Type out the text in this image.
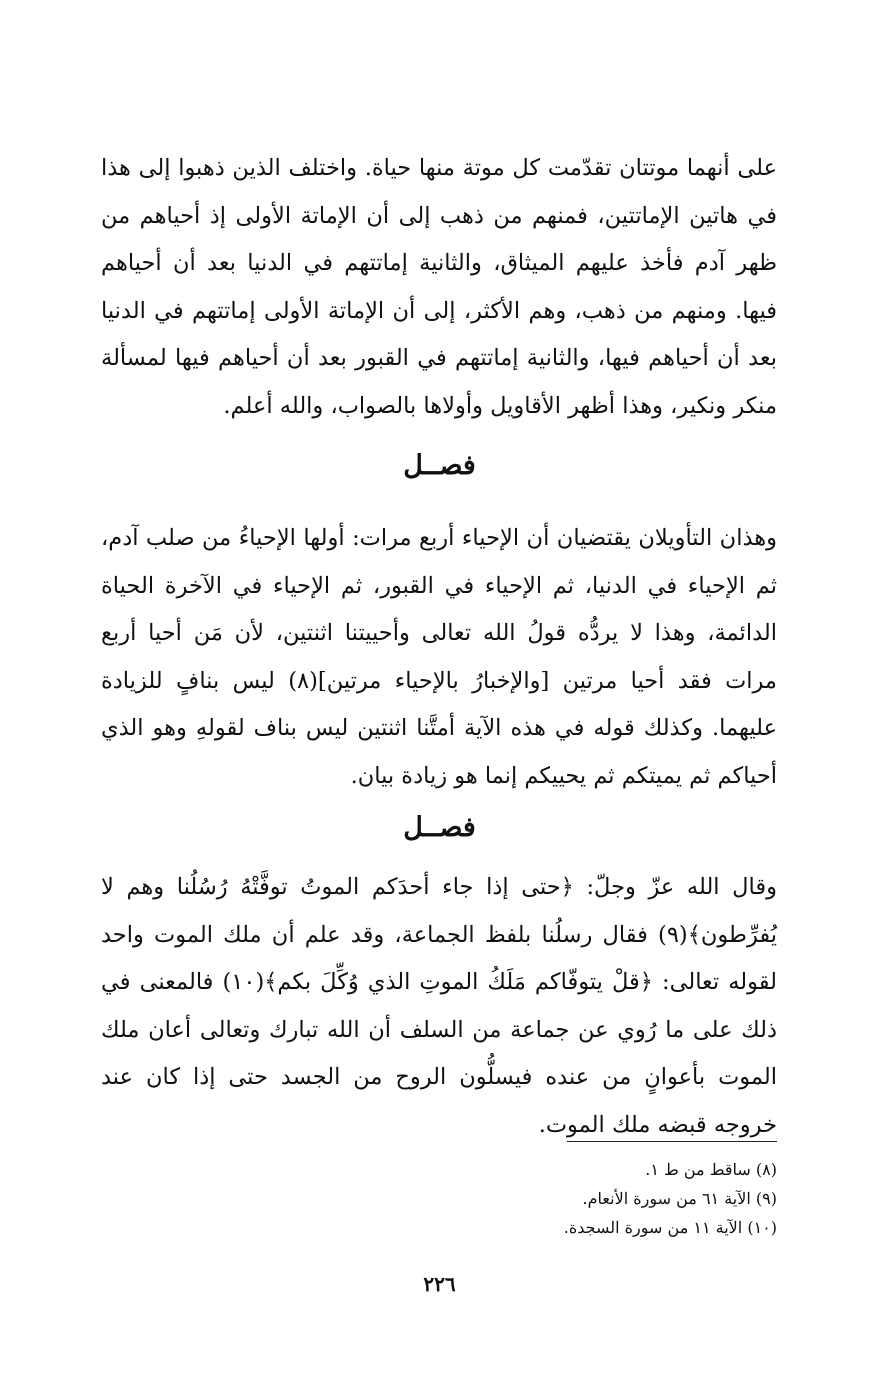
على أنهما موتتان تقدّمت كل موتة منها حياة. واختلف الذين ذهبوا إلى هذا في هاتين الإماتتين، فمنهم من ذهب إلى أن الإماتة الأولى إذ أحياهم من ظهر آدم فأخذ عليهم الميثاق، والثانية إماتتهم في الدنيا بعد أن أحياهم فيها. ومنهم من ذهب، وهم الأكثر، إلى أن الإماتة الأولى إماتتهم في الدنيا بعد أن أحياهم فيها، والثانية إماتتهم في القبور بعد أن أحياهم فيها لمسألة منكر ونكير، وهذا أظهر الأقاويل وأولاها بالصواب، والله أعلم.

فصــل

وهذان التأويلان يقتضيان أن الإحياء أربع مرات: أولها الإحياءُ من صلب آدم، ثم الإحياء في الدنيا، ثم الإحياء في القبور، ثم الإحياء في الآخرة الحياة الدائمة، وهذا لا يردُّه قولُ الله تعالى وأحييتنا اثنتين، لأن مَن أحيا أربع مرات فقد أحيا مرتين [والإخبارُ بالإحياء مرتين](٨) ليس بنافٍ للزيادة عليهما. وكذلك قوله في هذه الآية أمتَّنا اثنتين ليس بناف لقولهِ وهو الذي أحياكم ثم يميتكم ثم يحييكم إنما هو زيادة بيان.

فصــل

وقال الله عزّ وجلّ: ﴿حتى إذا جاء أحدَكم الموتُ توفَّتْهُ رُسُلُنا وهم لا يُفرِّطون﴾(٩) فقال رسلُنا بلفظ الجماعة، وقد علم أن ملك الموت واحد لقوله تعالى: ﴿قلْ يتوفّاكم مَلَكُ الموتِ الذي وُكِّلَ بكم﴾(١٠) فالمعنى في ذلك على ما رُوي عن جماعة من السلف أن الله تبارك وتعالى أعان ملك الموت بأعوانٍ من عنده فيسلُّون الروح من الجسد حتى إذا كان عند خروجه قبضه ملك الموت.

(٨) ساقط من ط ١.
(٩) الآية ٦١ من سورة الأنعام.
(١٠) الآية ١١ من سورة السجدة.
٢٢٦
